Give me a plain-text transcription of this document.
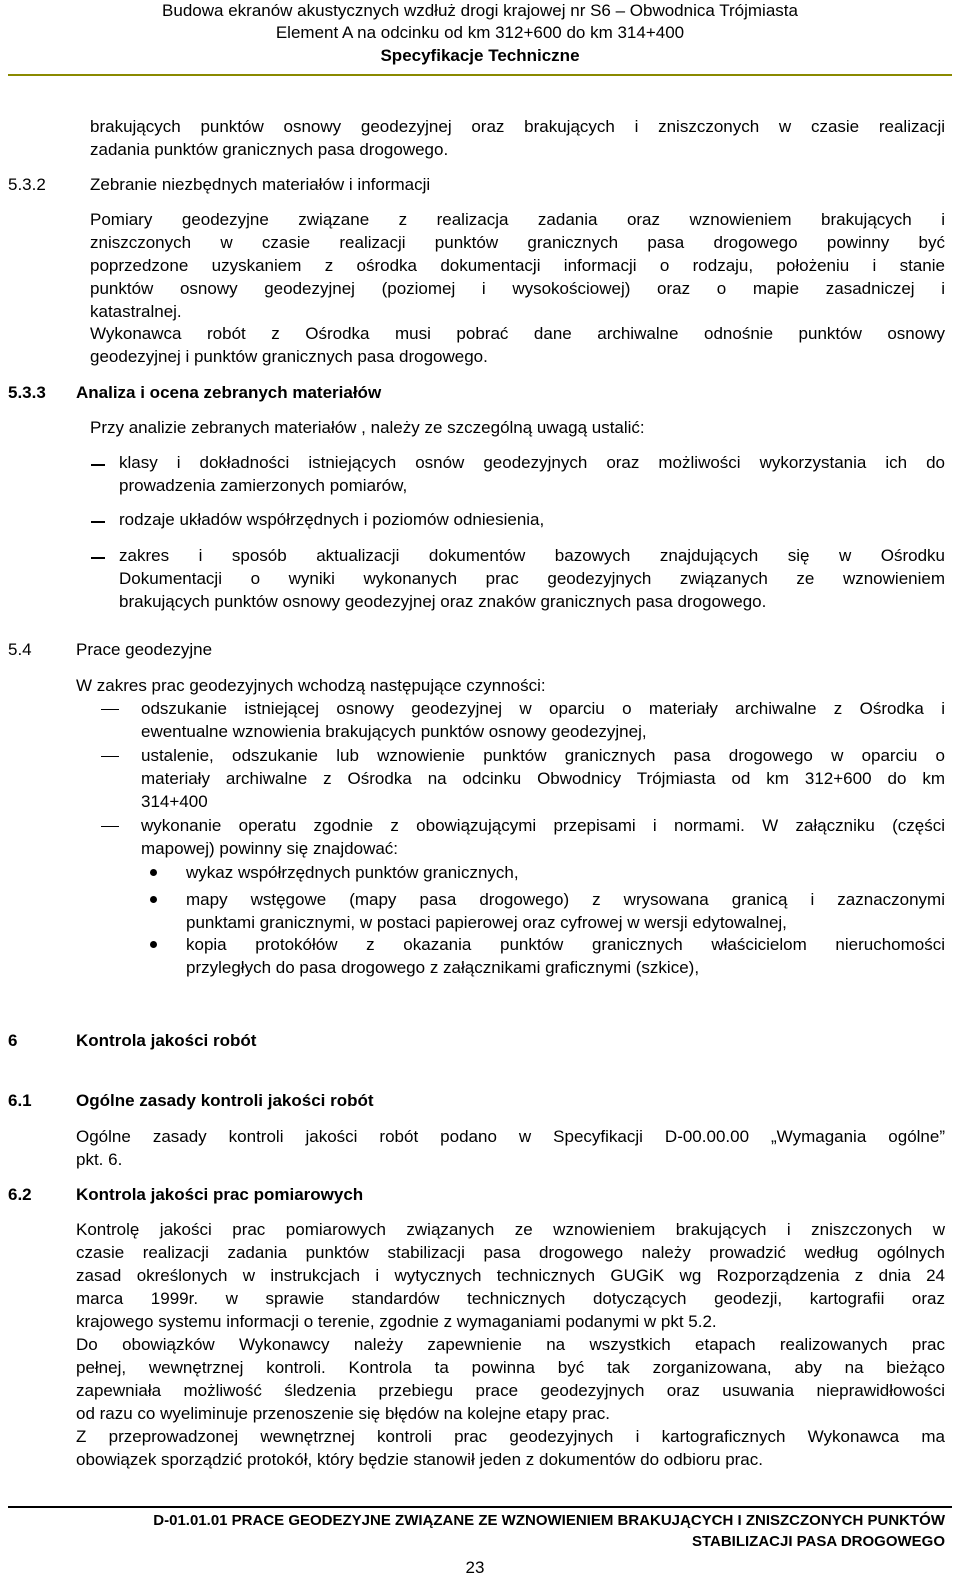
Budowa ekranów akustycznych wzdłuż drogi krajowej nr S6 – Obwodnica Trójmiasta
Element A na odcinku od km 312+600 do km 314+400
Specyfikacje Techniczne
brakujących punktów osnowy geodezyjnej oraz brakujących i zniszczonych w czasie realizacji
zadania punktów granicznych pasa drogowego.
5.3.2	Zebranie niezbędnych materiałów i informacji
Pomiary geodezyjne związane z realizacja zadania oraz wznowieniem brakujących i
zniszczonych w czasie realizacji punktów granicznych pasa drogowego powinny być
poprzedzone uzyskaniem z ośrodka dokumentacji informacji o rodzaju, położeniu i stanie
punktów osnowy geodezyjnej (poziomej i wysokościowej) oraz o mapie zasadniczej i
katastralnej.
Wykonawca robót z Ośrodka musi pobrać dane archiwalne odnośnie punktów osnowy
geodezyjnej i punktów granicznych pasa drogowego.
5.3.3 Analiza i ocena zebranych materiałów
Przy analizie zebranych materiałów , należy ze szczególną uwagą ustalić:
klasy i dokładności istniejących osnów geodezyjnych oraz możliwości wykorzystania ich do
prowadzenia zamierzonych pomiarów,
rodzaje układów współrzędnych i poziomów odniesienia,
zakres i sposób aktualizacji dokumentów bazowych znajdujących się w Ośrodku
Dokumentacji o wyniki wykonanych prac geodezyjnych związanych ze wznowieniem
brakujących punktów osnowy geodezyjnej oraz znaków granicznych pasa drogowego.
5.4	Prace geodezyjne
W zakres prac geodezyjnych wchodzą następujące czynności:
odszukanie istniejącej osnowy geodezyjnej w oparciu o materiały archiwalne z Ośrodka i
ewentualne wznowienia brakujących punktów osnowy geodezyjnej,
ustalenie, odszukanie lub wznowienie punktów granicznych pasa drogowego w oparciu o
materiały archiwalne z Ośrodka na odcinku Obwodnicy Trójmiasta od km 312+600 do km
314+400
wykonanie operatu zgodnie z obowiązującymi przepisami i normami. W załączniku (części
mapowej) powinny się znajdować:
wykaz współrzędnych punktów granicznych,
mapy wstęgowe (mapy pasa drogowego) z wrysowana granicą i zaznaczonymi
punktami granicznymi, w postaci papierowej oraz cyfrowej w wersji edytowalnej,
kopia protokółów z okazania punktów granicznych właścicielom nieruchomości
przyległych do pasa drogowego z załącznikami graficznymi (szkice),
6	Kontrola jakości robót
6.1	Ogólne zasady kontroli jakości robót
Ogólne zasady kontroli jakości robót podano w Specyfikacji D-00.00.00 „Wymagania ogólne”
pkt. 6.
6.2	Kontrola jakości prac pomiarowych
Kontrolę jakości prac pomiarowych związanych ze wznowieniem brakujących i zniszczonych w
czasie realizacji zadania punktów stabilizacji pasa drogowego należy prowadzić według ogólnych
zasad określonych w instrukcjach i wytycznych technicznych GUGiK wg Rozporządzenia z dnia 24
marca 1999r. w sprawie standardów technicznych dotyczących geodezji, kartografii oraz
krajowego systemu informacji o terenie, zgodnie z wymaganiami podanymi w pkt 5.2.
Do obowiązków Wykonawcy należy zapewnienie na wszystkich etapach realizowanych prac
pełnej, wewnętrznej kontroli. Kontrola ta powinna być tak zorganizowana, aby na bieżąco
zapewniała możliwość śledzenia przebiegu prace geodezyjnych oraz usuwania nieprawidłowości
od razu co wyeliminuje przenoszenie się błędów na kolejne etapy prac.
Z przeprowadzonej wewnętrznej kontroli prac geodezyjnych i kartograficznych Wykonawca ma
obowiązek sporządzić protokół, który będzie stanowił jeden z dokumentów do odbioru prac.
D-01.01.01 PRACE GEODEZYJNE ZWIĄZANE ZE WZNOWIENIEM BRAKUJĄCYCH I ZNISZCZONYCH PUNKTÓW
STABILIZACJI PASA DROGOWEGO
23
